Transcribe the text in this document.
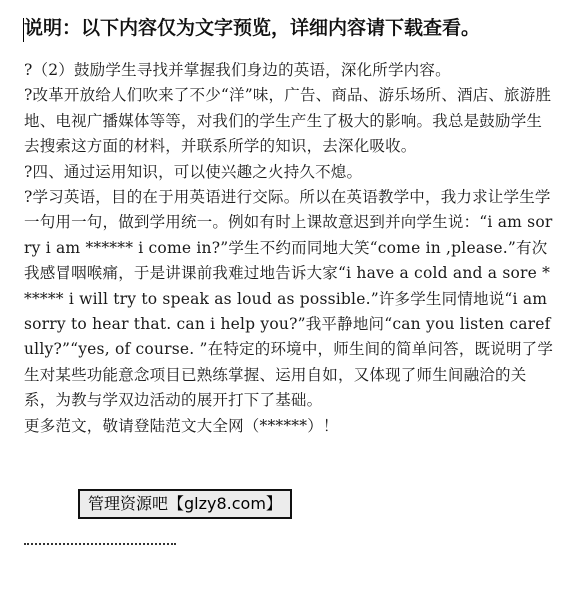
说明：以下内容仅为文字预览，详细内容请下载查看。

?（2）鼓励学生寻找并掌握我们身边的英语，深化所学内容。

?改革开放给人们吹来了不少“洋”味，广告、商品、游乐场所、酒店、旅游胜地、电视广播媒体等等，对我们的学生产生了极大的影响。我总是鼓励学生去搜索这方面的材料，并联系所学的知识，去深化吸收。

?四、通过运用知识，可以使兴趣之火持久不熄。

?学习英语，目的在于用英语进行交际。所以在英语教学中，我力求让学生学一句用一句，做到学用统一。例如有时上课故意迟到并向学生说：“i am sorry i am ****** i come in?”学生不约而同地大笑“come in ,please.”有次我感冒咽喉痛，于是讲课前我难过地告诉大家“i have a cold and a sore ****** i will try to speak as loud as possible.”许多学生同情地说“i am sorry to hear that. can i help you?”我平静地问“can you listen carefully?”“yes, of course. ”在特定的环境中，师生间的简单问答，既说明了学生对某些功能意念项目已熟练掌握、运用自如，又体现了师生间融洽的关系，为教与学双边活动的展开打下了基础。

更多范文，敬请登陆范文大全网（******）！

管理资源吧【glzy8.com】
